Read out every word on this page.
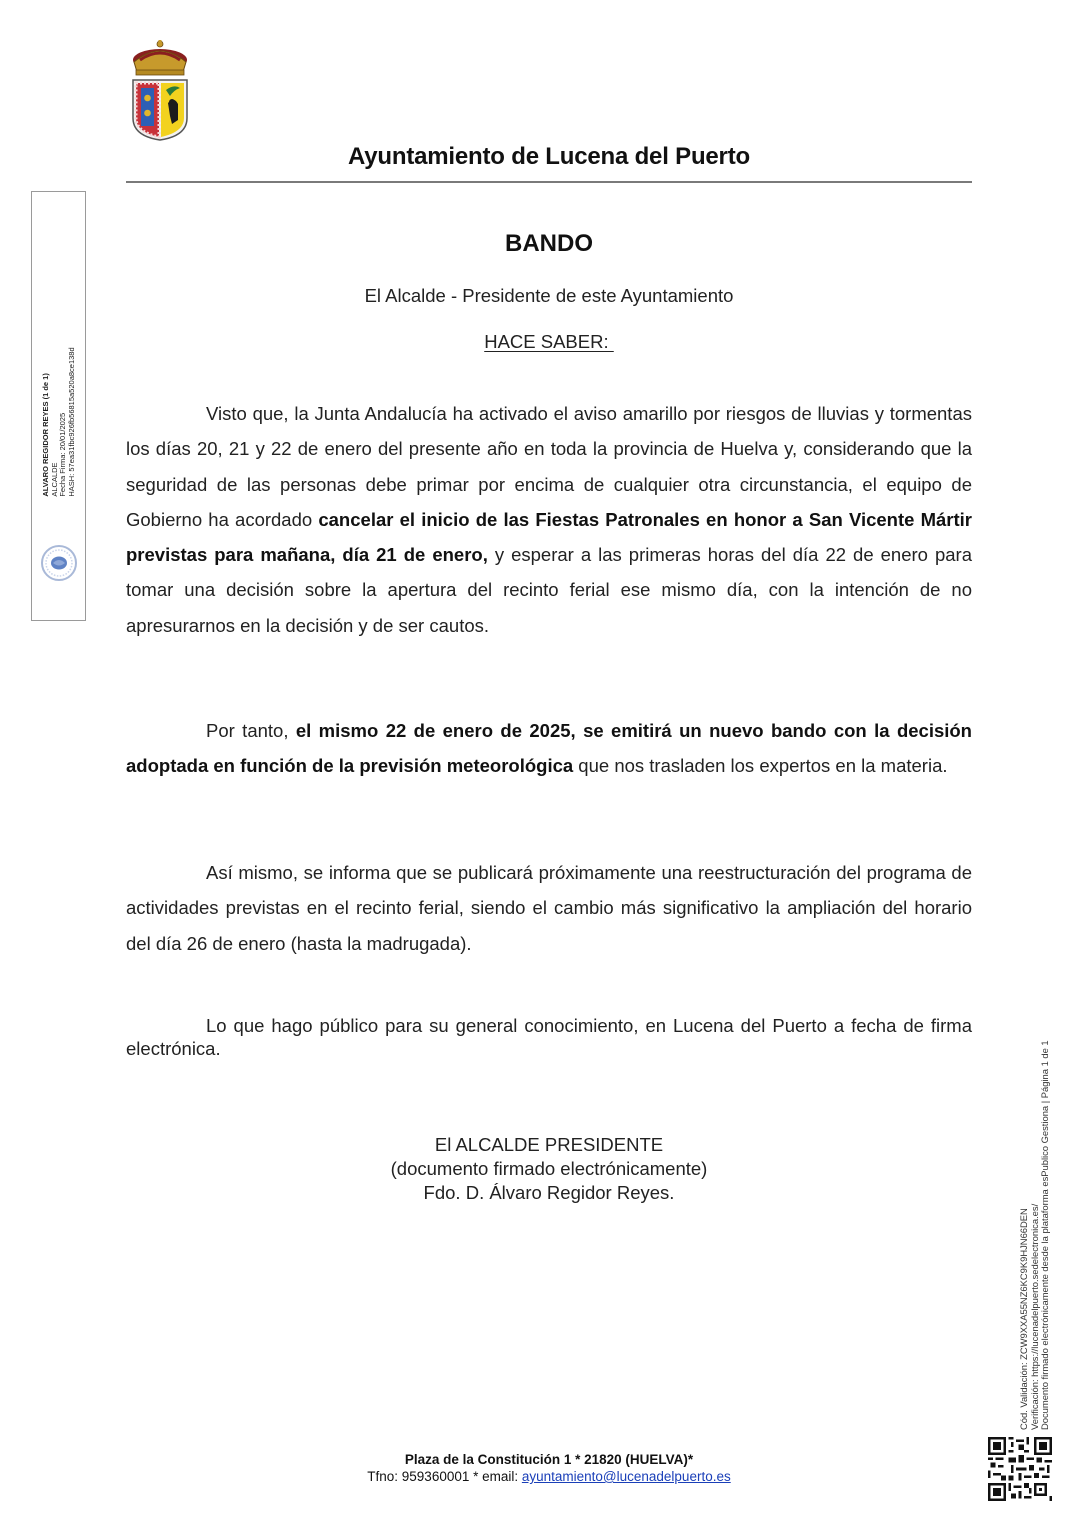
Ayuntamiento de Lucena del Puerto
ALVARO REGIDOR REYES (1 de 1) ALCALDE Fecha Firma: 20/01/2025 HASH: 57ea31fbc926fb56815a520a8ce138d
BANDO
El Alcalde - Presidente de este Ayuntamiento
HACE SABER:

Visto que, la Junta Andalucía ha activado el aviso amarillo por riesgos de lluvias y tormentas los días 20, 21 y 22 de enero del presente año en toda la provincia de Huelva y, considerando que la seguridad de las personas debe primar por encima de cualquier otra circunstancia, el equipo de Gobierno ha acordado cancelar el inicio de las Fiestas Patronales en honor a San Vicente Mártir previstas para mañana, día 21 de enero, y esperar a las primeras horas del día 22 de enero para tomar una decisión sobre la apertura del recinto ferial ese mismo día, con la intención de no apresurarnos en la decisión y de ser cautos.

Por tanto, el mismo 22 de enero de 2025, se emitirá un nuevo bando con la decisión adoptada en función de la previsión meteorológica que nos trasladen los expertos en la materia.

Así mismo, se informa que se publicará próximamente una reestructuración del programa de actividades previstas en el recinto ferial, siendo el cambio más significativo la ampliación del horario del día 26 de enero (hasta la madrugada).

Lo que hago público para su general conocimiento, en Lucena del Puerto a fecha de firma electrónica.

El ALCALDE PRESIDENTE
(documento firmado electrónicamente)
Fdo. D. Álvaro Regidor Reyes.
Cód. Validación: ZCW9XXA55NZ6KC9K9HJN66DEN Verificación: https://lucenadelpuerto.sedelectronica.es/ Documento firmado electrónicamente desde la plataforma esPublico Gestiona | Página 1 de 1
Plaza de la Constitución 1 * 21820 (HUELVA)*
Tfno: 959360001 * email: ayuntamiento@lucenadelpuerto.es
